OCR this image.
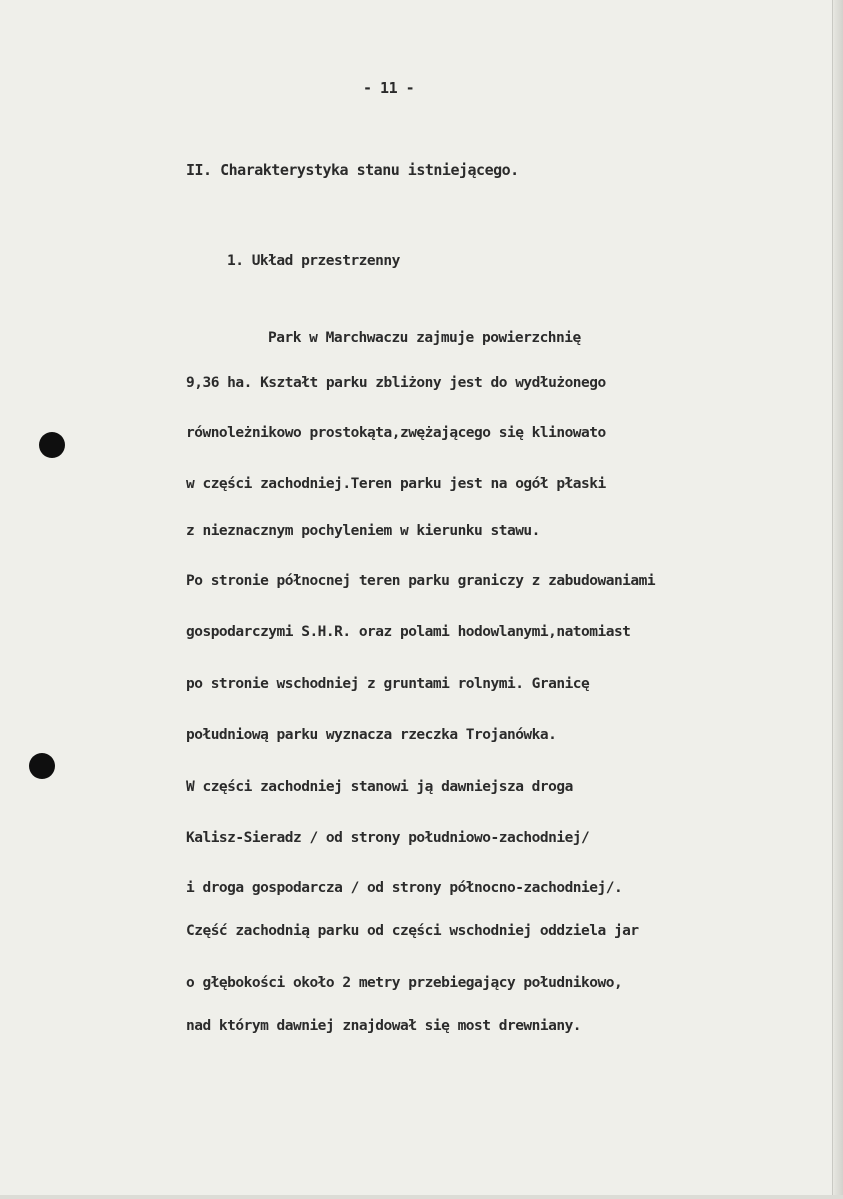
- 11 -
II. Charakterystyka stanu istniejącego.
1. Układ przestrzenny
Park w Marchwaczu zajmuje powierzchnię
9,36 ha. Kształt parku zbliżony jest do wydłużonego
równoleżnikowo prostokąta,zwężającego się klinowato
w części zachodniej.Teren parku jest na ogół płaski
z nieznacznym pochyleniem w kierunku stawu.
Po stronie północnej teren parku graniczy z zabudowaniami
gospodarczymi S.H.R. oraz polami hodowlanymi,natomiast
po stronie wschodniej z gruntami rolnymi. Granicę
południową parku wyznacza rzeczka Trojanówka.
W części zachodniej stanowi ją dawniejsza droga
Kalisz-Sieradz / od strony południowo-zachodniej/
i droga gospodarcza / od strony północno-zachodniej/.
Część zachodnią parku od części wschodniej oddziela jar
o głębokości około 2 metry przebiegający południkowo,
nad którym dawniej znajdował się most drewniany.
